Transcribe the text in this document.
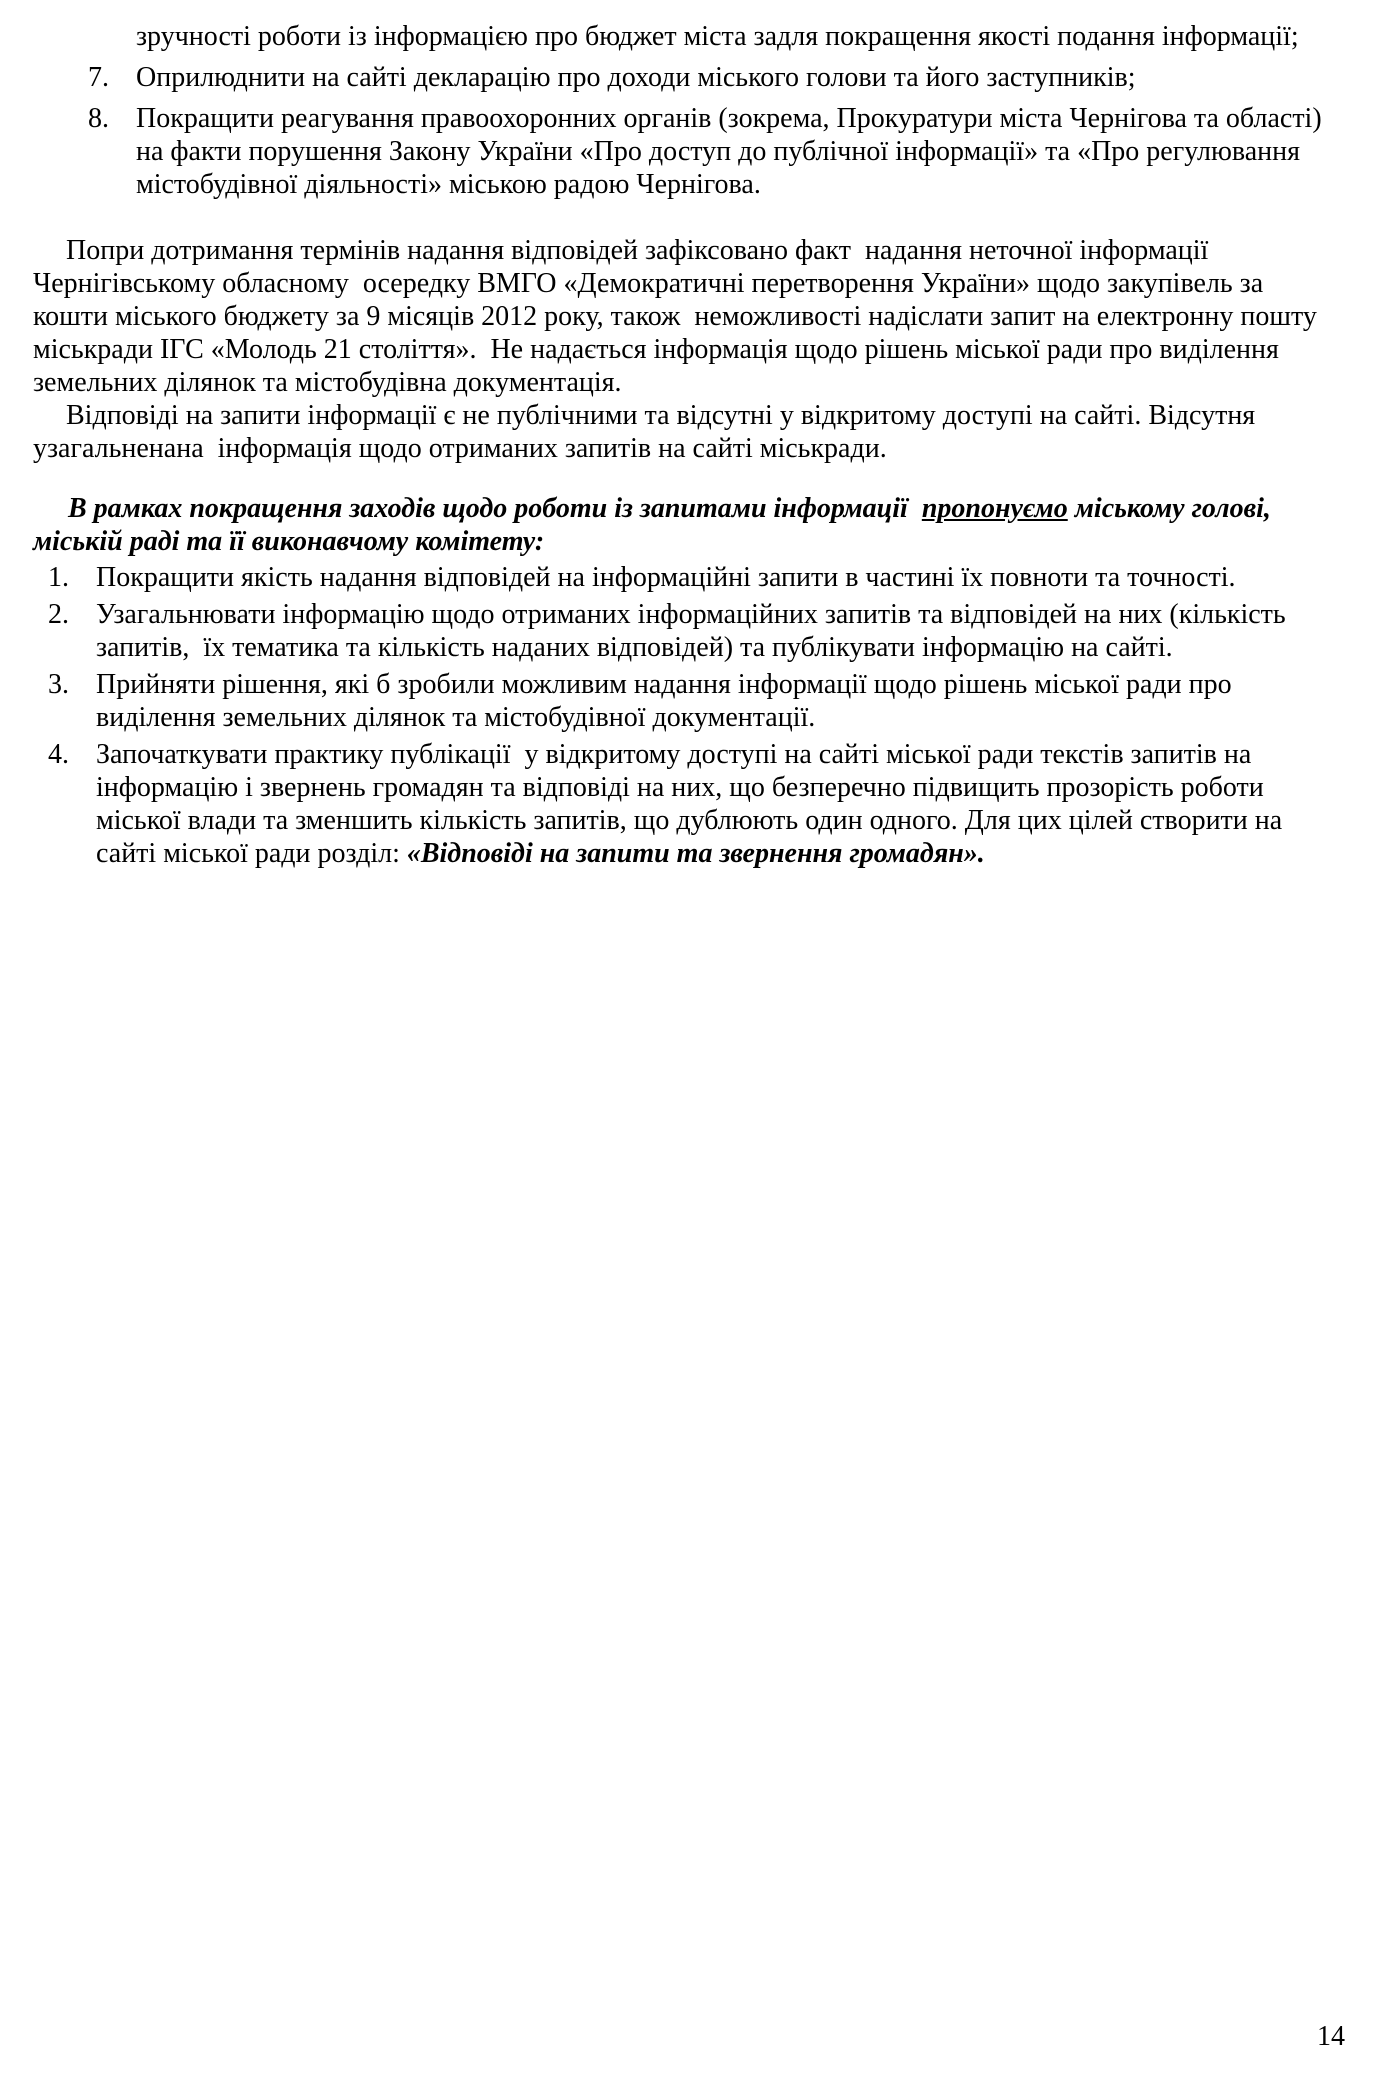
зручності роботи із інформацією про бюджет міста задля покращення якості подання інформації;
7. Оприлюднити на сайті декларацію про доходи міського голови та його заступників;
8. Покращити реагування правоохоронних органів (зокрема, Прокуратури міста Чернігова та області) на факти порушення Закону України «Про доступ до публічної інформації» та «Про регулювання містобудівної діяльності» міською радою Чернігова.

Попри дотримання термінів надання відповідей зафіксовано факт  надання неточної інформації Чернігівському обласному  осередку ВМГО «Демократичні перетворення України» щодо закупівель за кошти міського бюджету за 9 місяців 2012 року, також  неможливості надіслати запит на електронну пошту міськради ІГС «Молодь 21 століття».  Не надається інформація щодо рішень міської ради про виділення земельних ділянок та містобудівна документація.

Відповіді на запити інформації є не публічними та відсутні у відкритому доступі на сайті. Відсутня узагальненана  інформація щодо отриманих запитів на сайті міськради.

В рамках покращення заходів щодо роботи із запитами інформації  пропонуємо міському голові, міській раді та її виконавчому комітету:

1. Покращити якість надання відповідей на інформаційні запити в частині їх повноти та точності.
2. Узагальнювати інформацію щодо отриманих інформаційних запитів та відповідей на них (кількість запитів,  їх тематика та кількість наданих відповідей) та публікувати інформацію на сайті.
3. Прийняти рішення, які б зробили можливим надання інформації щодо рішень міської ради про виділення земельних ділянок та містобудівної документації.
4. Започаткувати практику публікації  у відкритому доступі на сайті міської ради текстів запитів на інформацію і звернень громадян та відповіді на них, що безперечно підвищить прозорість роботи міської влади та зменшить кількість запитів, що дублюють один одного. Для цих цілей створити на сайті міської ради розділ: «Відповіді на запити та звернення громадян».
14
